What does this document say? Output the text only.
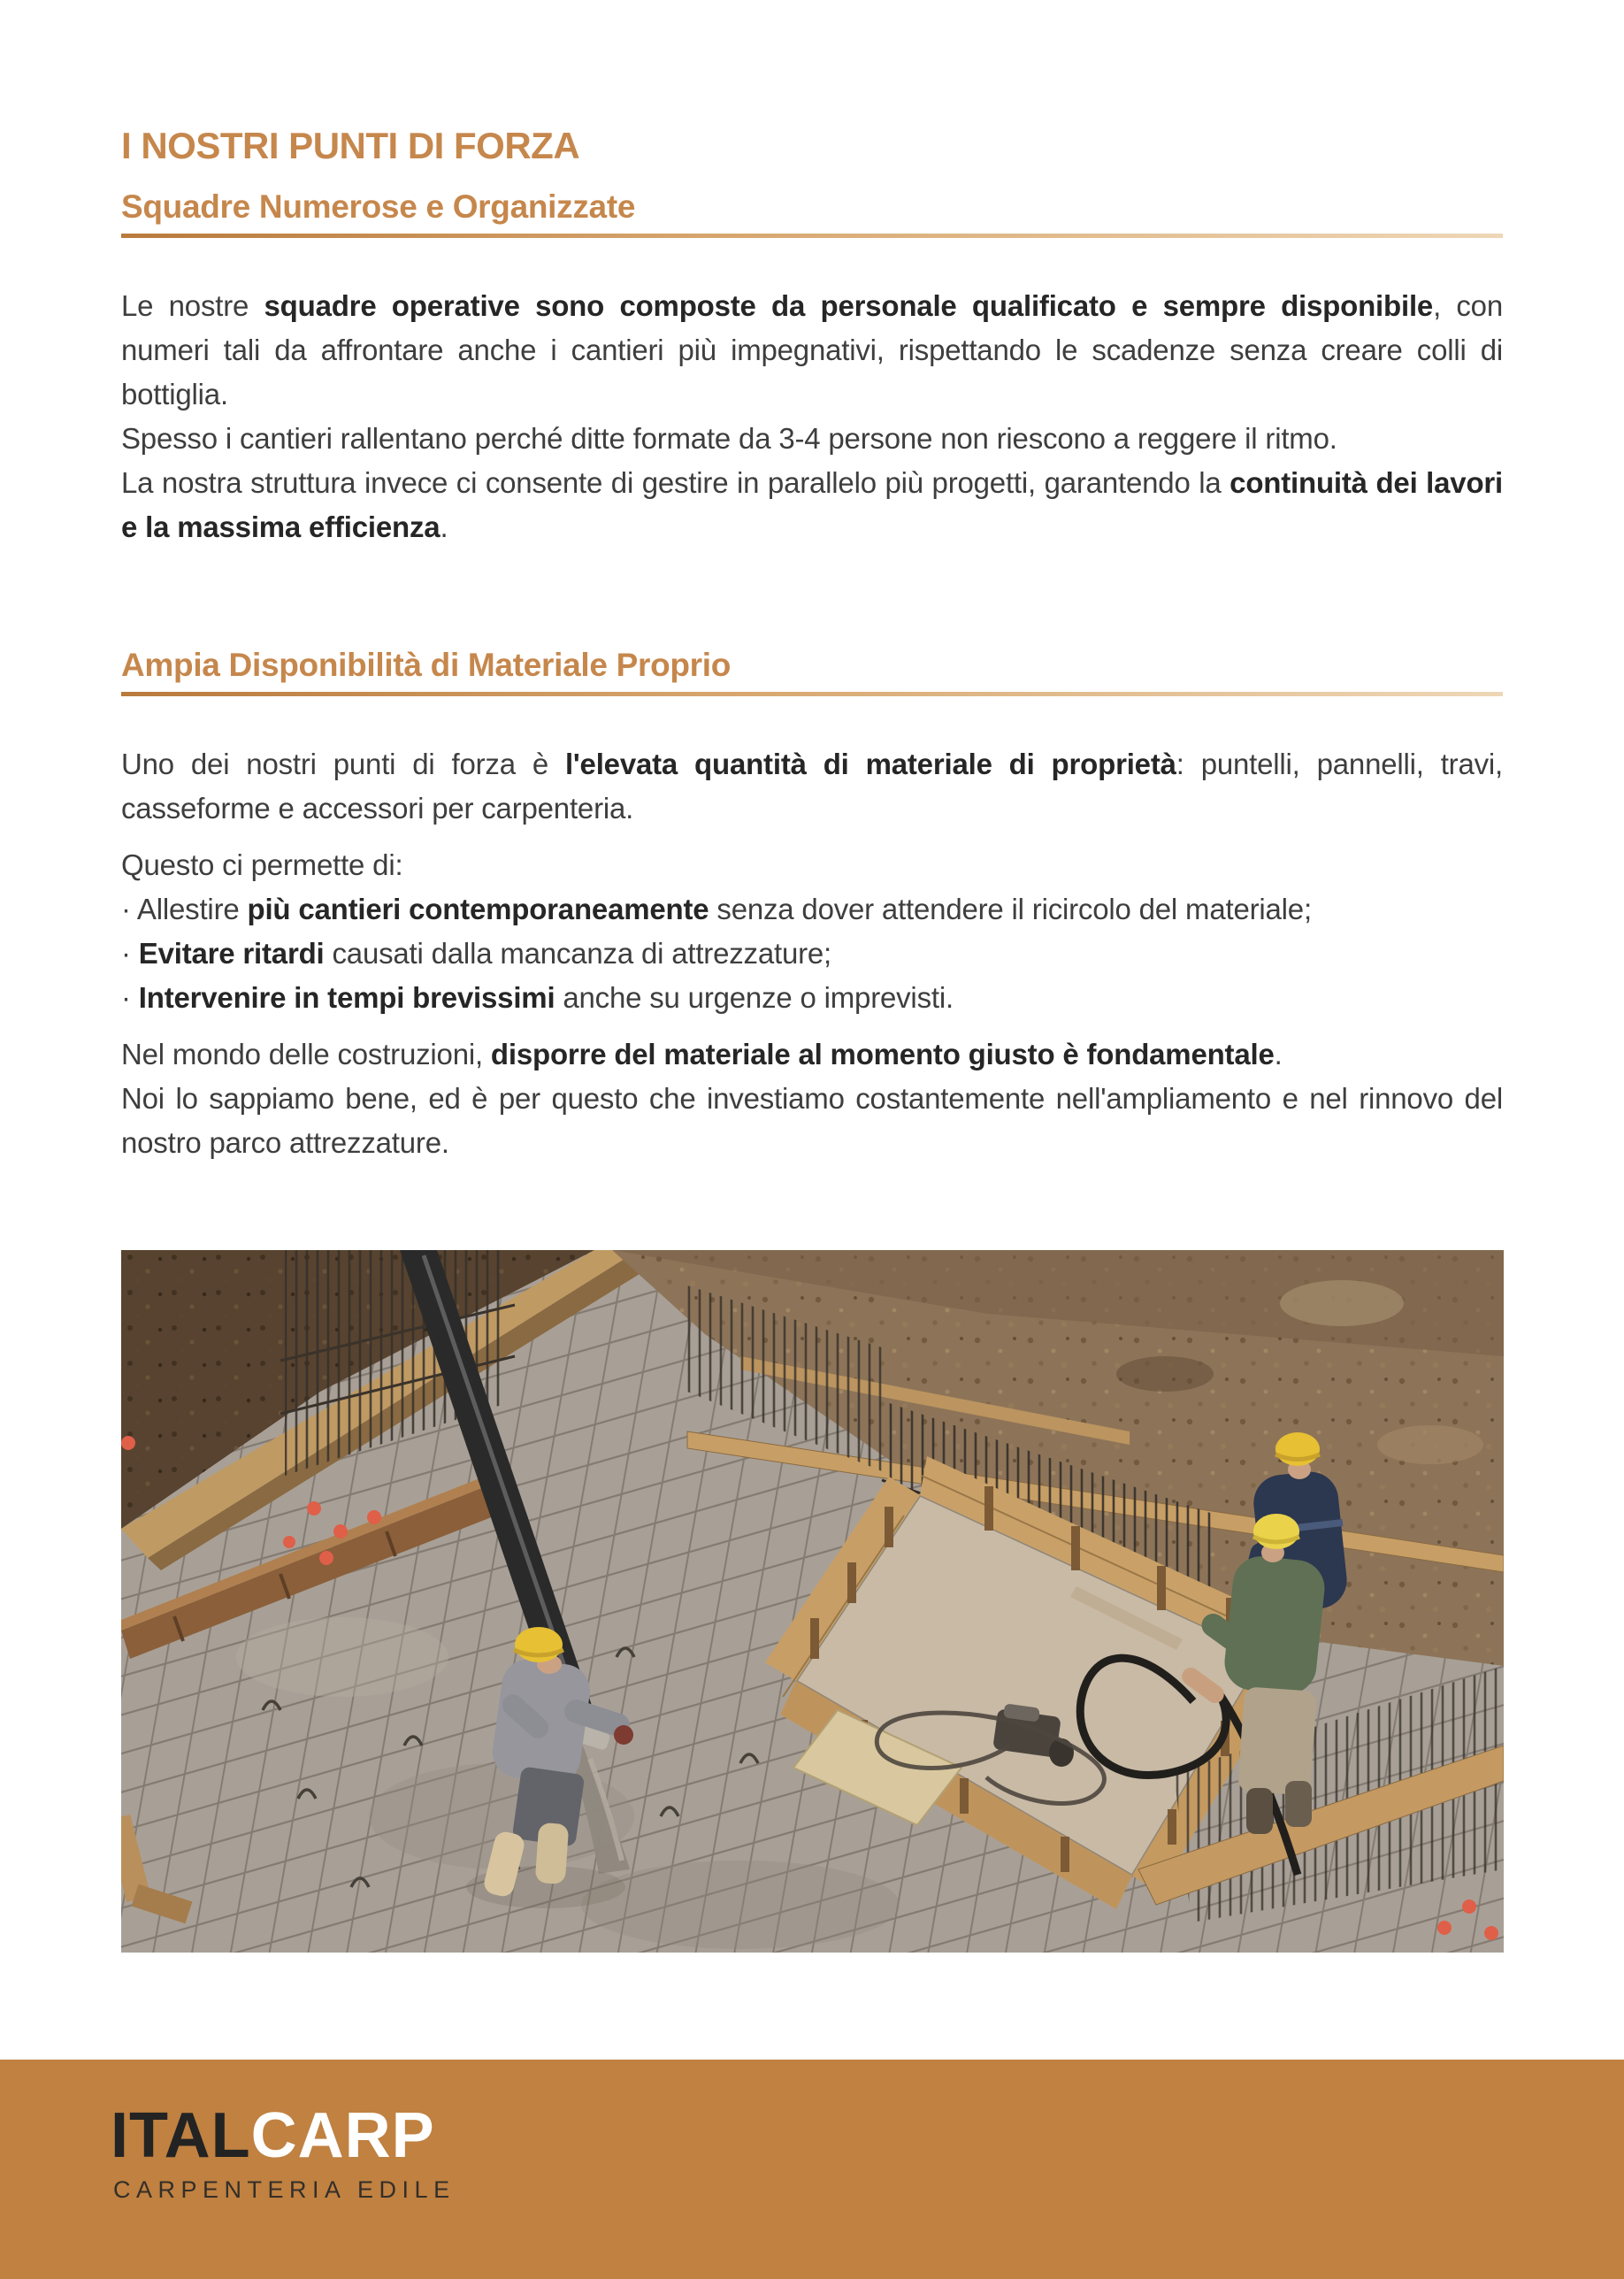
I NOSTRI PUNTI DI FORZA
Squadre Numerose e Organizzate

Le nostre squadre operative sono composte da personale qualificato e sempre disponibile, con numeri tali da affrontare anche i cantieri più impegnativi, rispettando le scadenze senza creare colli di bottiglia.
Spesso i cantieri rallentano perché ditte formate da 3-4 persone non riescono a reggere il ritmo.
La nostra struttura invece ci consente di gestire in parallelo più progetti, garantendo la continuità dei lavori e la massima efficienza.

Ampia Disponibilità di Materiale Proprio

Uno dei nostri punti di forza è l'elevata quantità di materiale di proprietà: puntelli, pannelli, travi, casseforme e accessori per carpenteria.

Questo ci permette di:
· Allestire più cantieri contemporaneamente senza dover attendere il ricircolo del materiale;
· Evitare ritardi causati dalla mancanza di attrezzature;
· Intervenire in tempi brevissimi anche su urgenze o imprevisti.

Nel mondo delle costruzioni, disporre del materiale al momento giusto è fondamentale.
Noi lo sappiamo bene, ed è per questo che investiamo costantemente nell'ampliamento e nel rinnovo del nostro parco attrezzature.

ITALCARP
CARPENTERIA EDILE
